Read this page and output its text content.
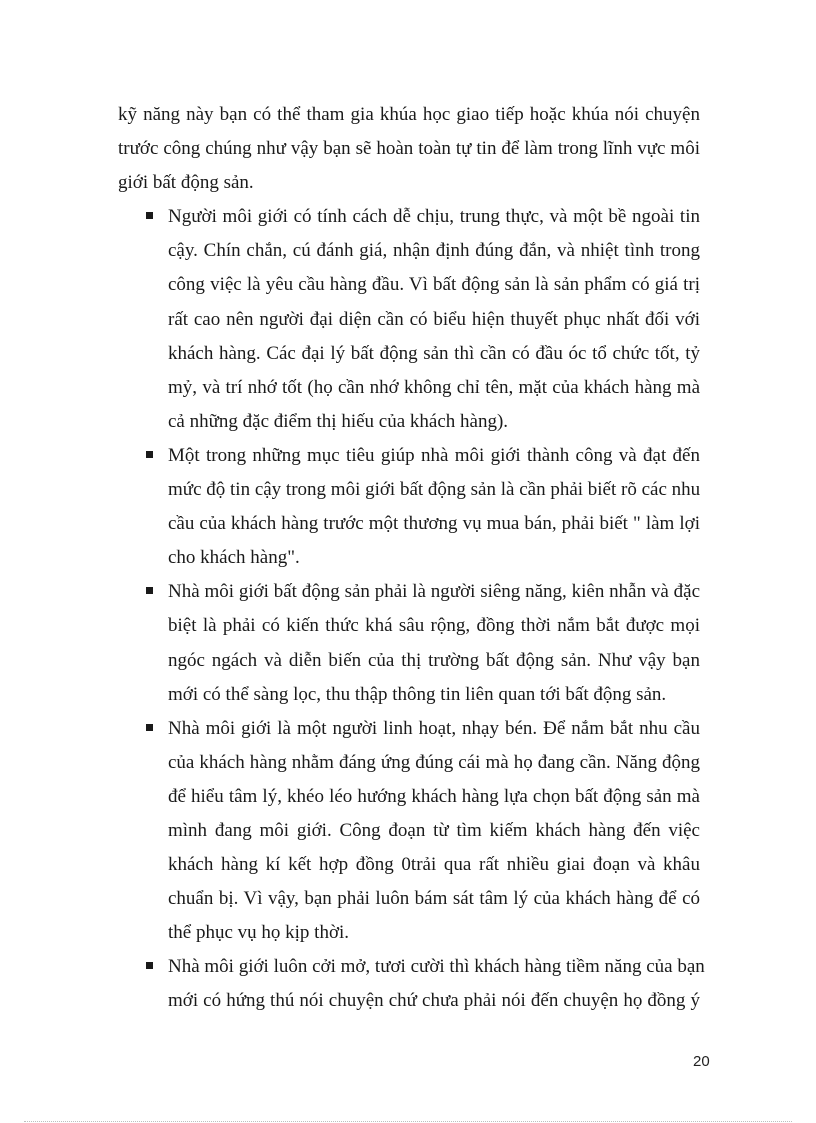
kỹ năng này bạn có thể tham gia khúa học giao tiếp hoặc khúa nói chuyện
trước công chúng như vậy bạn sẽ hoàn toàn tự tin để làm trong lĩnh vực môi
giới bất động sản.
Người môi giới có tính cách dễ chịu, trung thực, và một bề ngoài tin
cậy. Chín chắn, cú đánh giá, nhận định đúng đắn, và nhiệt tình trong
công việc là yêu cầu hàng đầu. Vì bất động sản là sản phẩm có giá trị
rất cao nên người đại diện cần có biểu hiện thuyết phục nhất đối với
khách hàng. Các đại lý bất động sản thì cần có đầu óc tổ chức tốt, tỷ
mỷ, và trí nhớ tốt (họ cần nhớ không chỉ tên, mặt của khách hàng mà
cả những đặc điểm thị hiếu của khách hàng).
Một trong những mục tiêu giúp nhà môi giới thành công và đạt đến
mức độ tin cậy trong môi giới bất động sản là cần phải biết rõ các nhu
cầu của khách hàng trước một thương vụ mua bán, phải biết " làm lợi
cho khách hàng".
Nhà môi giới bất động sản phải là người siêng năng, kiên nhẫn và đặc
biệt là phải có kiến thức khá sâu rộng, đồng thời nắm bắt được mọi
ngóc ngách và diễn biến của thị trường bất động sản. Như vậy bạn
mới có thể sàng lọc, thu thập thông tin liên quan tới bất động sản.
Nhà môi giới là một người linh hoạt, nhạy bén. Để nắm bắt nhu cầu
của khách hàng nhằm đáng ứng đúng cái mà họ đang cần. Năng động
để hiểu tâm lý, khéo léo hướng khách hàng lựa chọn bất động sản mà
mình đang môi giới. Công đoạn từ tìm kiếm khách hàng đến việc
khách hàng kí kết hợp đồng 0trải qua rất nhiều giai đoạn và khâu
chuẩn bị. Vì vậy, bạn phải luôn bám sát tâm lý của khách hàng để có
thể phục vụ họ kịp thời.
Nhà môi giới luôn cởi mở, tươi cười thì khách hàng tiềm năng của bạn
mới có hứng thú nói chuyện chứ chưa phải nói đến chuyện họ đồng ý
20
